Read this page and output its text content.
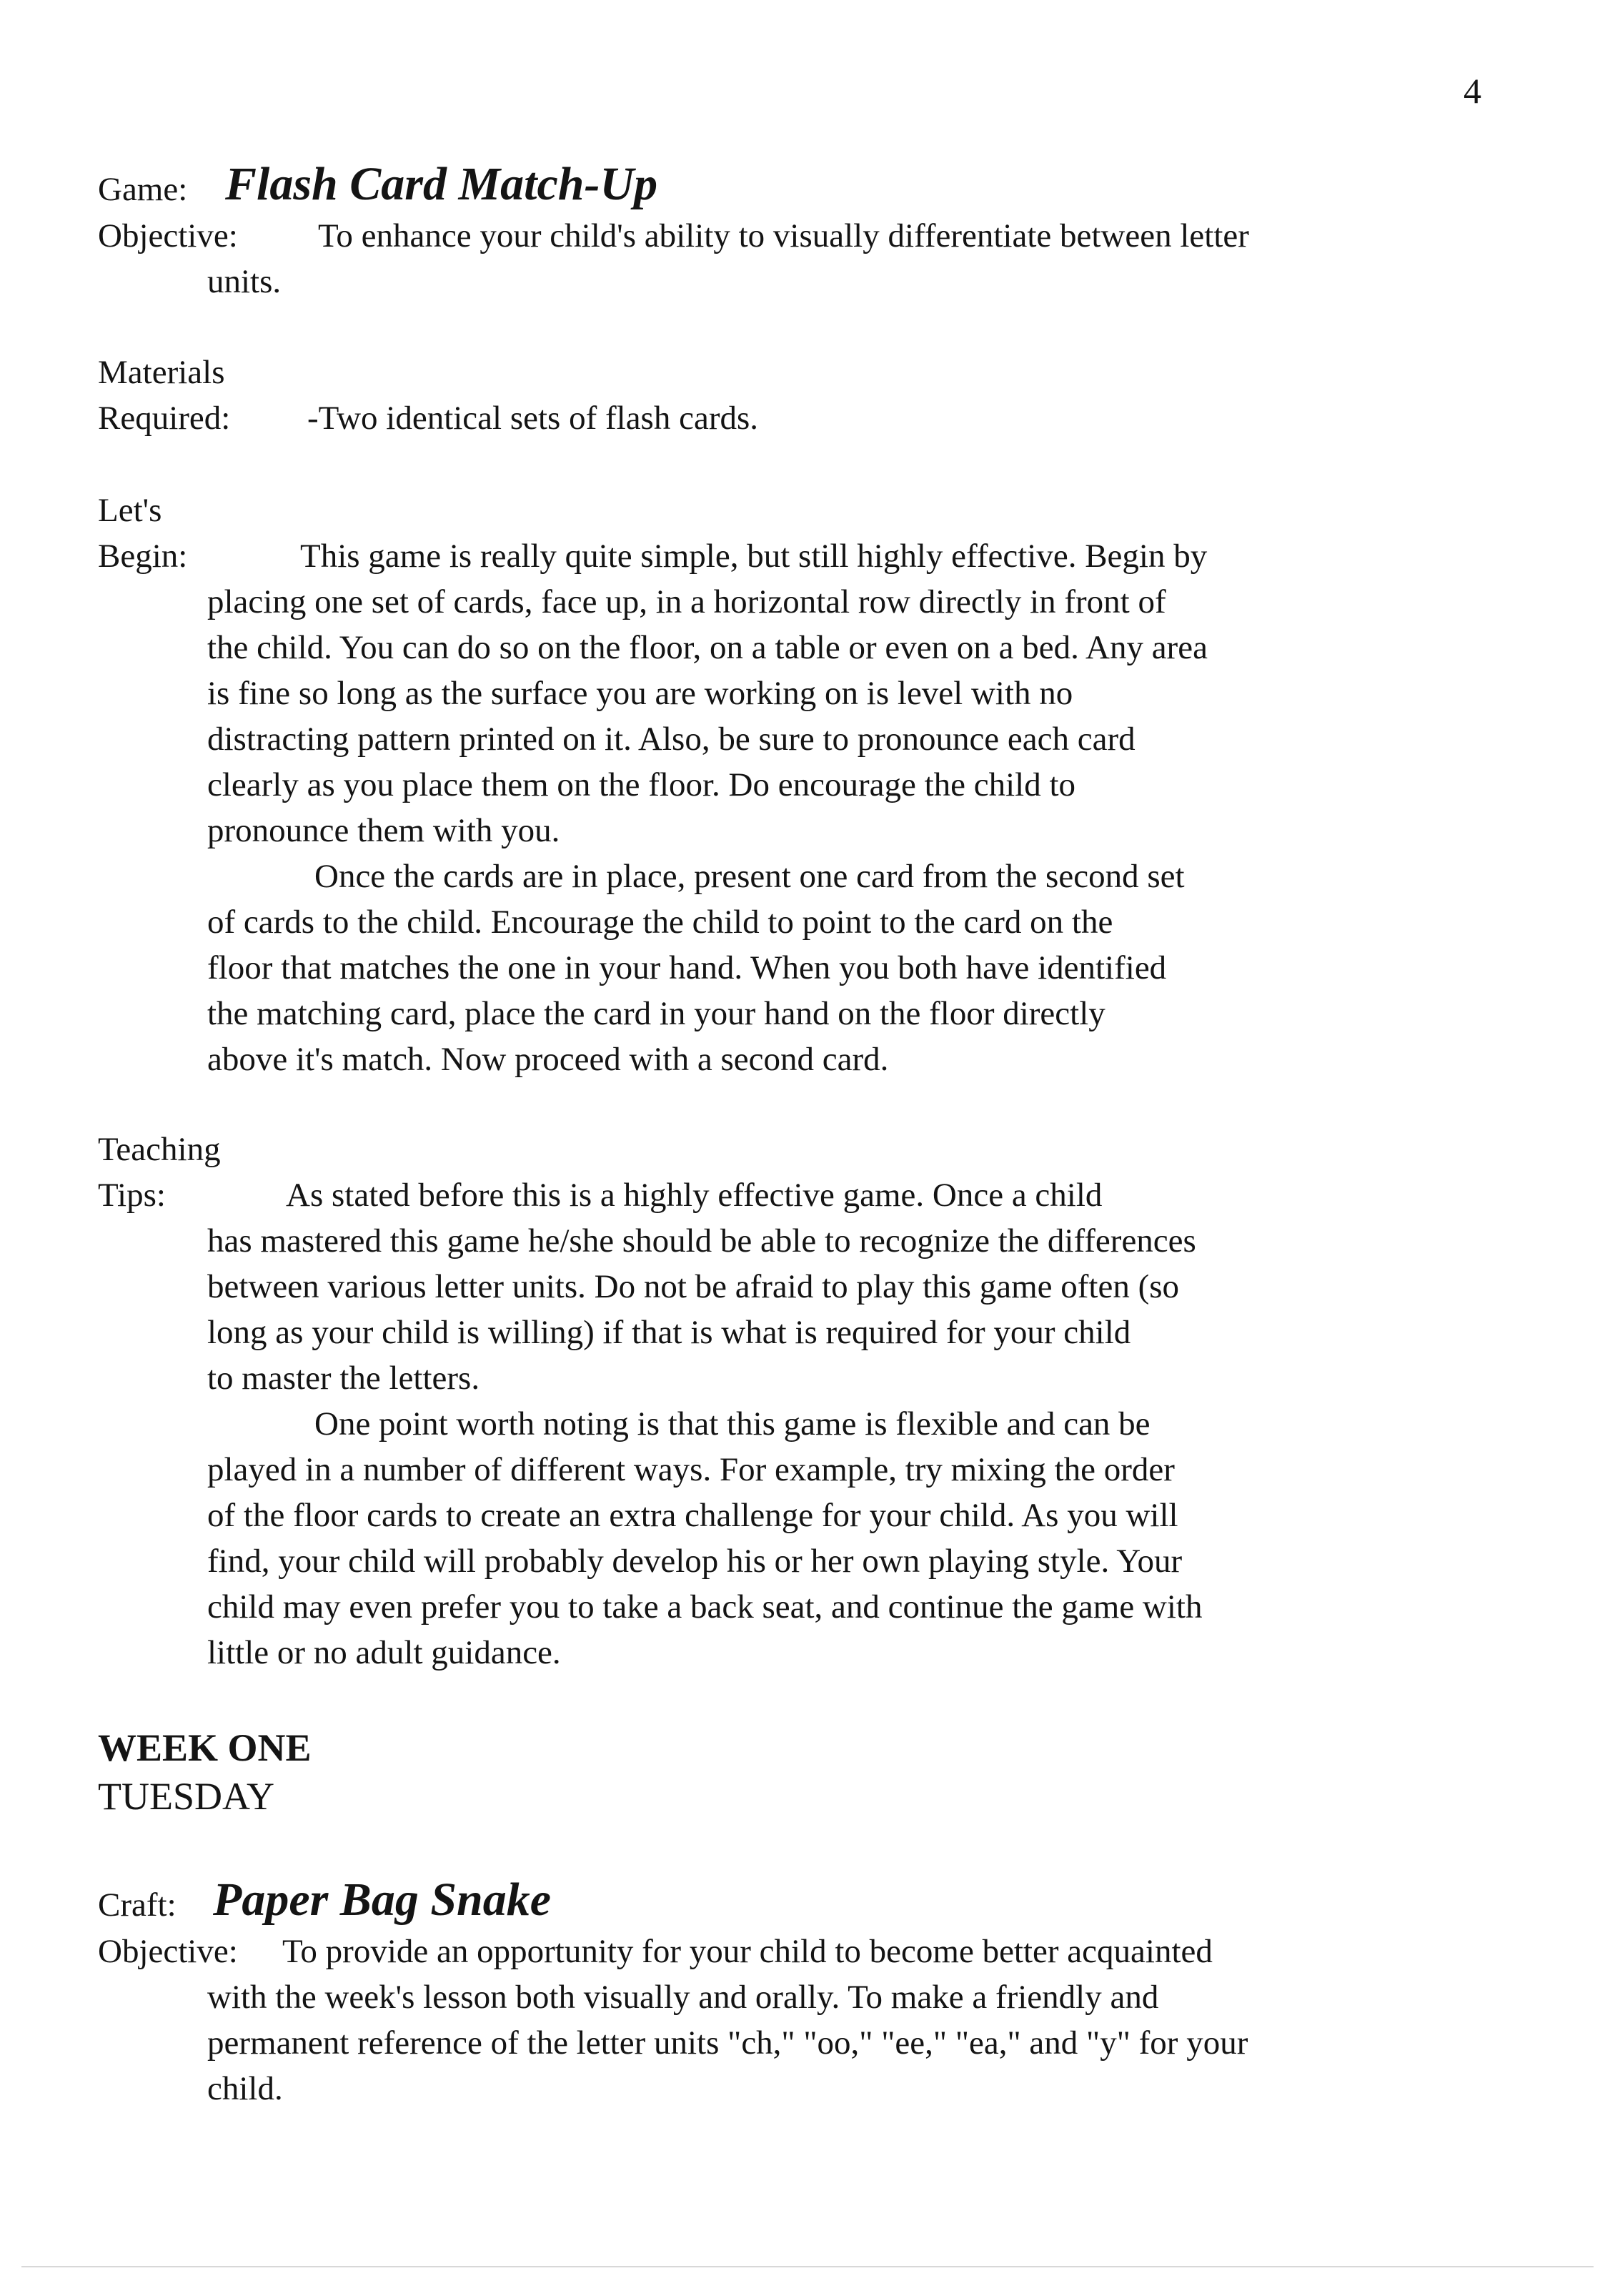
4
Game: Flash Card Match-Up
Objective: To enhance your child's ability to visually differentiate between letter
units.
Materials
Required: -Two identical sets of flash cards.
Let's
Begin:	This game is really quite simple, but still highly effective. Begin by
placing one set of cards, face up, in a horizontal row directly in front of
the child. You can do so on the floor, on a table or even on a bed. Any area
is fine so long as the surface you are working on is level with no
distracting pattern printed on it. Also, be sure to pronounce each card
clearly as you place them on the floor. Do encourage the child to
pronounce them with you.
Once the cards are in place, present one card from the second set
of cards to the child. Encourage the child to point to the card on the
floor that matches the one in your hand. When you both have identified
the matching card, place the card in your hand on the floor directly
above it's match. Now proceed with a second card.
Teaching
Tips:	As stated before this is a highly effective game. Once a child
has mastered this game he/she should be able to recognize the differences
between various letter units. Do not be afraid to play this game often (so
long as your child is willing) if that is what is required for your child
to master the letters.
One point worth noting is that this game is flexible and can be
played in a number of different ways. For example, try mixing the order
of the floor cards to create an extra challenge for your child. As you will
find, your child will probably develop his or her own playing style. Your
child may even prefer you to take a back seat, and continue the game with
little or no adult guidance.
WEEK ONE
TUESDAY
Craft: Paper Bag Snake
Objective: To provide an opportunity for your child to become better acquainted
with the week's lesson both visually and orally. To make a friendly and
permanent reference of the letter units "ch," "oo," "ee," "ea," and "y" for your
child.
